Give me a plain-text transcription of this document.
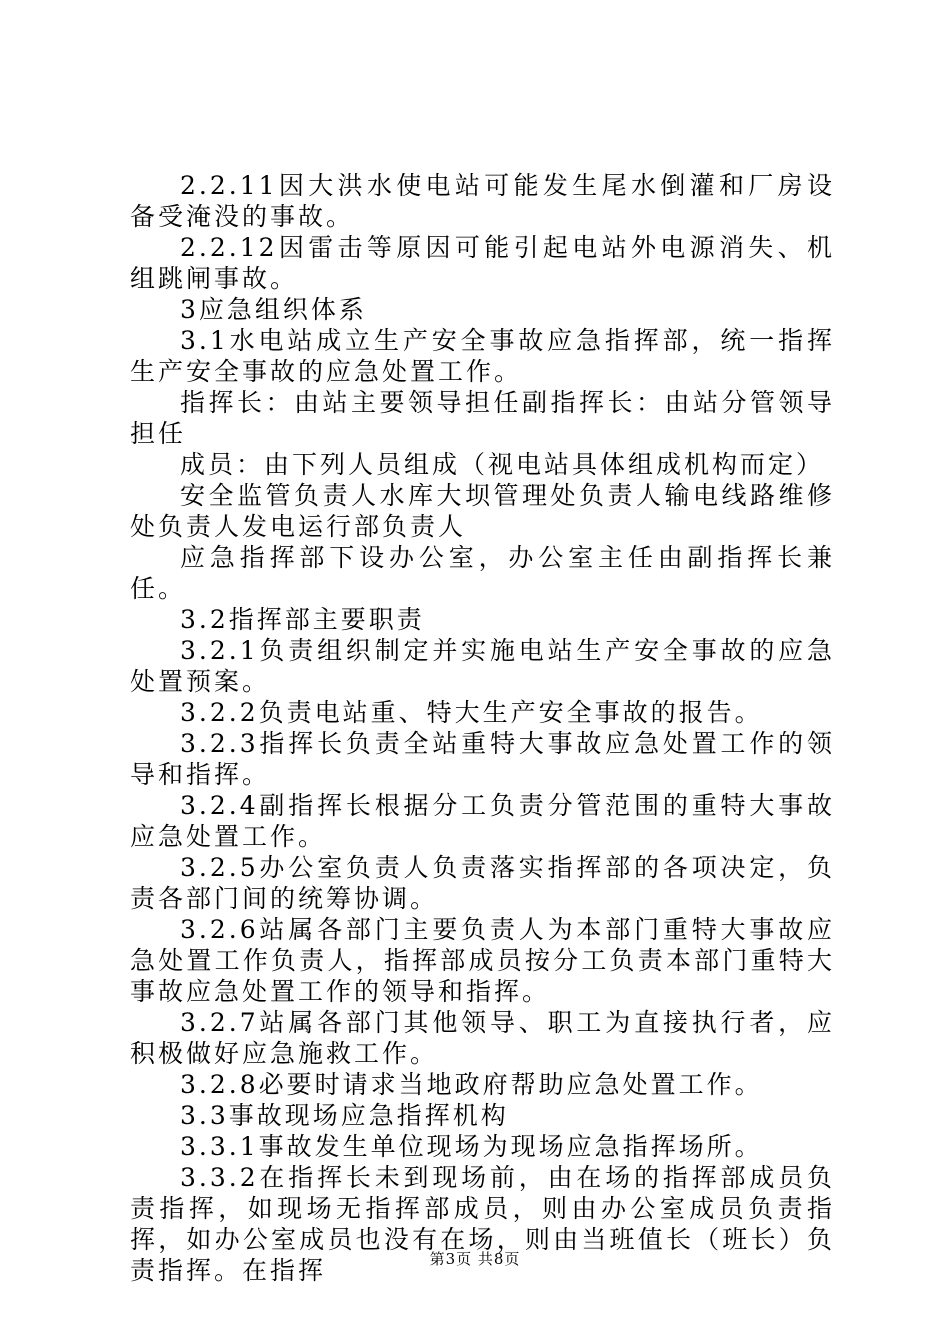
2.2.11因大洪水使电站可能发生尾水倒灌和厂房设备受淹没的事故。

2.2.12因雷击等原因可能引起电站外电源消失、机组跳闸事故。

3应急组织体系

3.1水电站成立生产安全事故应急指挥部，统一指挥生产安全事故的应急处置工作。

指挥长：由站主要领导担任副指挥长：由站分管领导担任

成员：由下列人员组成（视电站具体组成机构而定）

安全监管负责人水库大坝管理处负责人输电线路维修处负责人发电运行部负责人

应急指挥部下设办公室，办公室主任由副指挥长兼任。

3.2指挥部主要职责

3.2.1负责组织制定并实施电站生产安全事故的应急处置预案。

3.2.2负责电站重、特大生产安全事故的报告。

3.2.3指挥长负责全站重特大事故应急处置工作的领导和指挥。

3.2.4副指挥长根据分工负责分管范围的重特大事故应急处置工作。

3.2.5办公室负责人负责落实指挥部的各项决定，负责各部门间的统筹协调。

3.2.6站属各部门主要负责人为本部门重特大事故应急处置工作负责人，指挥部成员按分工负责本部门重特大事故应急处置工作的领导和指挥。

3.2.7站属各部门其他领导、职工为直接执行者，应积极做好应急施救工作。

3.2.8必要时请求当地政府帮助应急处置工作。

3.3事故现场应急指挥机构

3.3.1事故发生单位现场为现场应急指挥场所。

3.3.2在指挥长未到现场前，由在场的指挥部成员负责指挥，如现场无指挥部成员，则由办公室成员负责指挥，如办公室成员也没有在场，则由当班值长（班长）负责指挥。在指挥	第3页 共8页
